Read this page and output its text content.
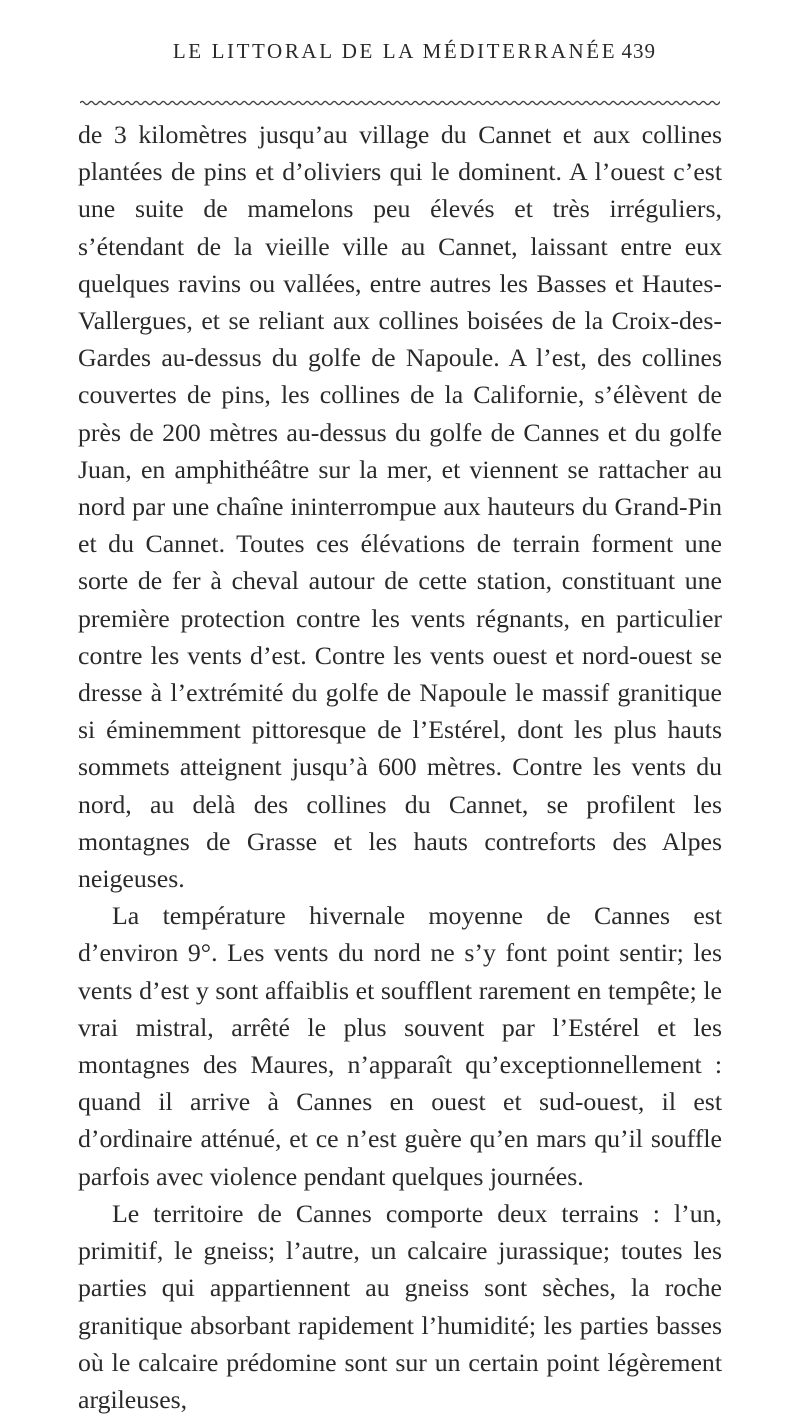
LE LITTORAL DE LA MÉDITERRANÉE 439

de 3 kilomètres jusqu’au village du Cannet et aux collines plantées de pins et d’oliviers qui le dominent. A l’ouest c’est une suite de mamelons peu élevés et très irréguliers, s’étendant de la vieille ville au Cannet, laissant entre eux quelques ravins ou vallées, entre autres les Basses et Hautes-Vallergues, et se reliant aux collines boisées de la Croix-des-Gardes au-dessus du golfe de Napoule. A l’est, des collines couvertes de pins, les collines de la Californie, s’élèvent de près de 200 mètres au-dessus du golfe de Cannes et du golfe Juan, en amphithéâtre sur la mer, et viennent se rattacher au nord par une chaîne ininterrompue aux hauteurs du Grand-Pin et du Cannet. Toutes ces élévations de terrain forment une sorte de fer à cheval autour de cette station, constituant une première protection contre les vents régnants, en particulier contre les vents d’est. Contre les vents ouest et nord-ouest se dresse à l’extrémité du golfe de Napoule le massif granitique si éminemment pittoresque de l’Estérel, dont les plus hauts sommets atteignent jusqu’à 600 mètres. Contre les vents du nord, au delà des collines du Cannet, se profilent les montagnes de Grasse et les hauts contreforts des Alpes neigeuses.

La température hivernale moyenne de Cannes est d’environ 9°. Les vents du nord ne s’y font point sentir; les vents d’est y sont affaiblis et soufflent rarement en tempête; le vrai mistral, arrêté le plus souvent par l’Estérel et les montagnes des Maures, n’apparaît qu’exceptionnellement : quand il arrive à Cannes en ouest et sud-ouest, il est d’ordinaire atténué, et ce n’est guère qu’en mars qu’il souffle parfois avec violence pendant quelques journées.

Le territoire de Cannes comporte deux terrains : l’un, primitif, le gneiss; l’autre, un calcaire jurassique; toutes les parties qui appartiennent au gneiss sont sèches, la roche granitique absorbant rapidement l’humidité; les parties basses où le calcaire prédomine sont sur un certain point légèrement argileuses,
